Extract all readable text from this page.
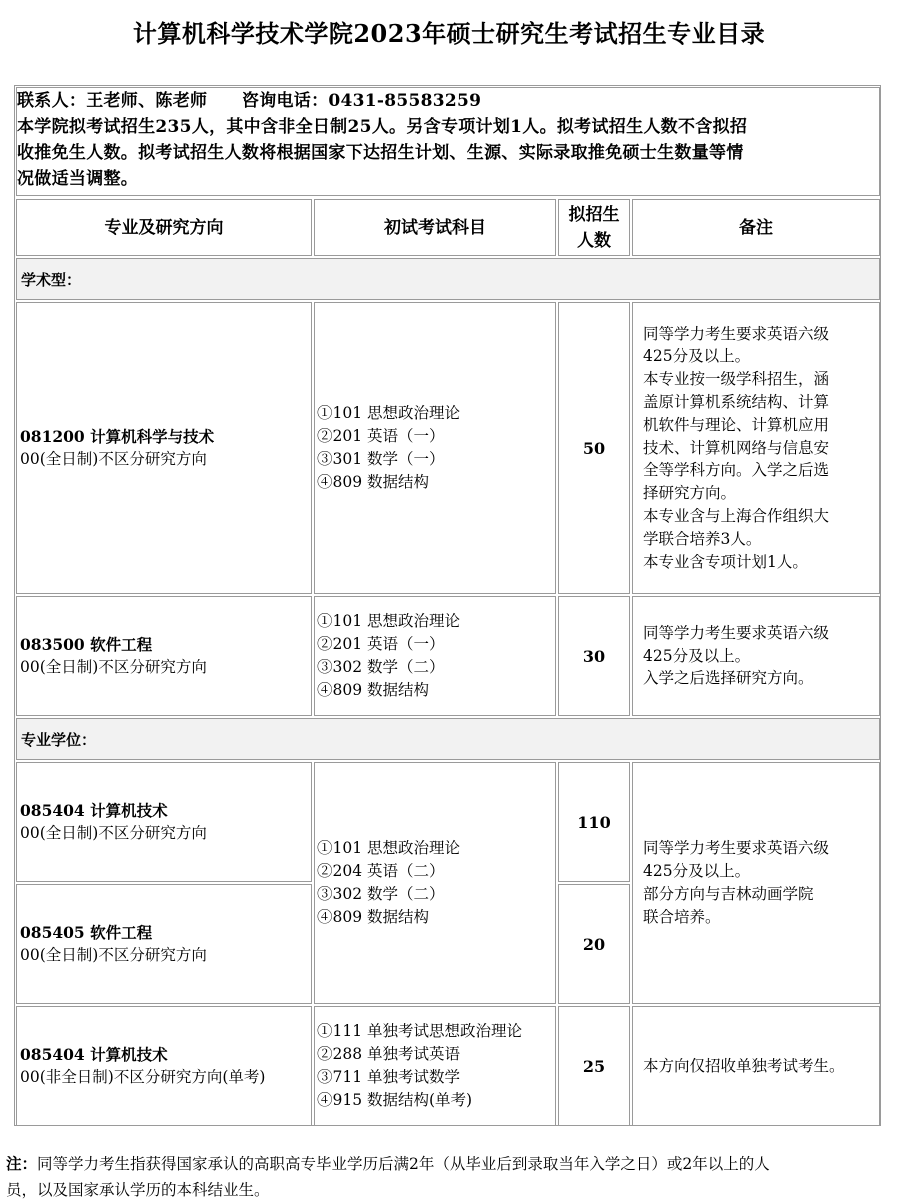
计算机科学技术学院2023年硕士研究生考试招生专业目录
联系人：王老师、陈老师　　咨询电话：0431-85583259
本学院拟考试招生235人，其中含非全日制25人。另含专项计划1人。拟考试招生人数不含拟招
收推免生人数。拟考试招生人数将根据国家下达招生计划、生源、实际录取推免硕士生数量等情
况做适当调整。
专业及研究方向	初试考试科目
拟招生
人数
备注
学术型：
081200 计算机科学与技术
00(全日制)不区分研究方向
①101 思想政治理论
②201 英语（一）
③301 数学（一）
④809 数据结构
50
同等学力考生要求英语六级
425分及以上。
本专业按一级学科招生，涵
盖原计算机系统结构、计算
机软件与理论、计算机应用
技术、计算机网络与信息安
全等学科方向。入学之后选
择研究方向。
本专业含与上海合作组织大
学联合培养3人。
本专业含专项计划1人。
083500 软件工程
00(全日制)不区分研究方向
①101 思想政治理论
②201 英语（一）
③302 数学（二）
④809 数据结构
30
同等学力考生要求英语六级
425分及以上。
入学之后选择研究方向。
专业学位：
085404 计算机技术
00(全日制)不区分研究方向
085405 软件工程
00(全日制)不区分研究方向
①101 思想政治理论
②204 英语（二）
③302 数学（二）
④809 数据结构
110
20
同等学力考生要求英语六级
425分及以上。
部分方向与吉林动画学院
联合培养。
085404 计算机技术
00(非全日制)不区分研究方向(单考)
①111 单独考试思想政治理论
②288 单独考试英语
③711 单独考试数学
④915 数据结构(单考)
25	本方向仅招收单独考试考生。
注：同等学力考生指获得国家承认的高职高专毕业学历后满2年（从毕业后到录取当年入学之日）或2年以上的人
员，以及国家承认学历的本科结业生。
